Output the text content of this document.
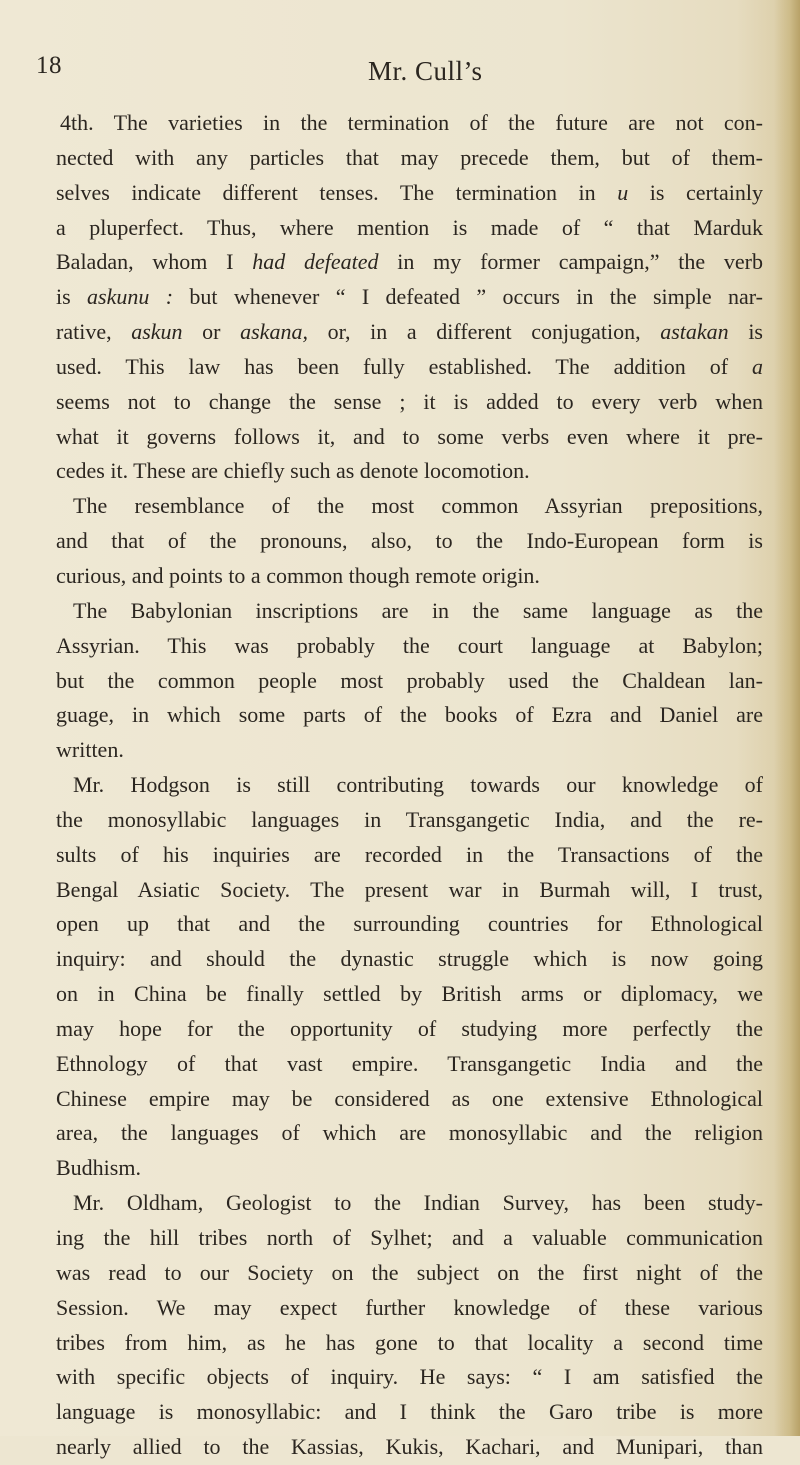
18	Mr. Cull’s
4th. The varieties in the termination of the future are not con-
nected with any particles that may precede them, but of them-
selves indicate different tenses. The termination in u is certainly
a pluperfect. Thus, where mention is made of “ that Marduk
Baladan, whom I had defeated in my former campaign,” the verb
is askunu : but whenever “ I defeated ” occurs in the simple nar-
rative, askun or askana, or, in a different conjugation, astakan is
used. This law has been fully established. The addition of a
seems not to change the sense ; it is added to every verb when
what it governs follows it, and to some verbs even where it pre-
cedes it. These are chiefly such as denote locomotion.
The resemblance of the most common Assyrian prepositions,
and that of the pronouns, also, to the Indo-European form is
curious, and points to a common though remote origin.
The Babylonian inscriptions are in the same language as the
Assyrian. This was probably the court language at Babylon;
but the common people most probably used the Chaldean lan-
guage, in which some parts of the books of Ezra and Daniel are
written.
Mr. Hodgson is still contributing towards our knowledge of
the monosyllabic languages in Transgangetic India, and the re-
sults of his inquiries are recorded in the Transactions of the
Bengal Asiatic Society. The present war in Burmah will, I trust,
open up that and the surrounding countries for Ethnological
inquiry: and should the dynastic struggle which is now going
on in China be finally settled by British arms or diplomacy, we
may hope for the opportunity of studying more perfectly the
Ethnology of that vast empire. Transgangetic India and the
Chinese empire may be considered as one extensive Ethnological
area, the languages of which are monosyllabic and the religion
Budhism.
Mr. Oldham, Geologist to the Indian Survey, has been study-
ing the hill tribes north of Sylhet; and a valuable communication
was read to our Society on the subject on the first night of the
Session. We may expect further knowledge of these various
tribes from him, as he has gone to that locality a second time
with specific objects of inquiry. He says: “ I am satisfied the
language is monosyllabic: and I think the Garo tribe is more
nearly allied to the Kassias, Kukis, Kachari, and Munipari, than
